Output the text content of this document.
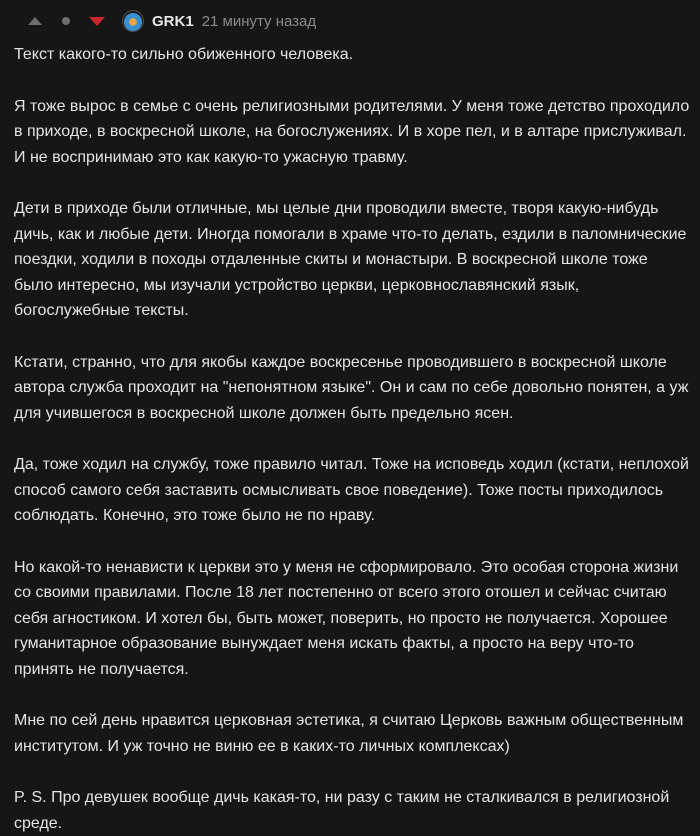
GRK1 21 минуту назад

Текст какого-то сильно обиженного человека.

Я тоже вырос в семье с очень религиозными родителями. У меня тоже детство проходило в приходе, в воскресной школе, на богослужениях. И в хоре пел, и в алтаре прислуживал. И не воспринимаю это как какую-то ужасную травму.

Дети в приходе были отличные, мы целые дни проводили вместе, творя какую-нибудь дичь, как и любые дети. Иногда помогали в храме что-то делать, ездили в паломнические поездки, ходили в походы отдаленные скиты и монастыри. В воскресной школе тоже было интересно, мы изучали устройство церкви, церковнославянский язык, богослужебные тексты.

Кстати, странно, что для якобы каждое воскресенье проводившего в воскресной школе автора служба проходит на "непонятном языке". Он и сам по себе довольно понятен, а уж для учившегося в воскресной школе должен быть предельно ясен.

Да, тоже ходил на службу, тоже правило читал. Тоже на исповедь ходил (кстати, неплохой способ самого себя заставить осмысливать свое поведение). Тоже посты приходилось соблюдать. Конечно, это тоже было не по нраву.

Но какой-то ненависти к церкви это у меня не сформировало. Это особая сторона жизни со своими правилами. После 18 лет постепенно от всего этого отошел и сейчас считаю себя агностиком. И хотел бы, быть может, поверить, но просто не получается. Хорошее гуманитарное образование вынуждает меня искать факты, а просто на веру что-то принять не получается.

Мне по сей день нравится церковная эстетика, я считаю Церковь важным общественным институтом. И уж точно не виню ее в каких-то личных комплексах)

P. S. Про девушек вообще дичь какая-то, ни разу с таким не сталкивался в религиозной среде.
